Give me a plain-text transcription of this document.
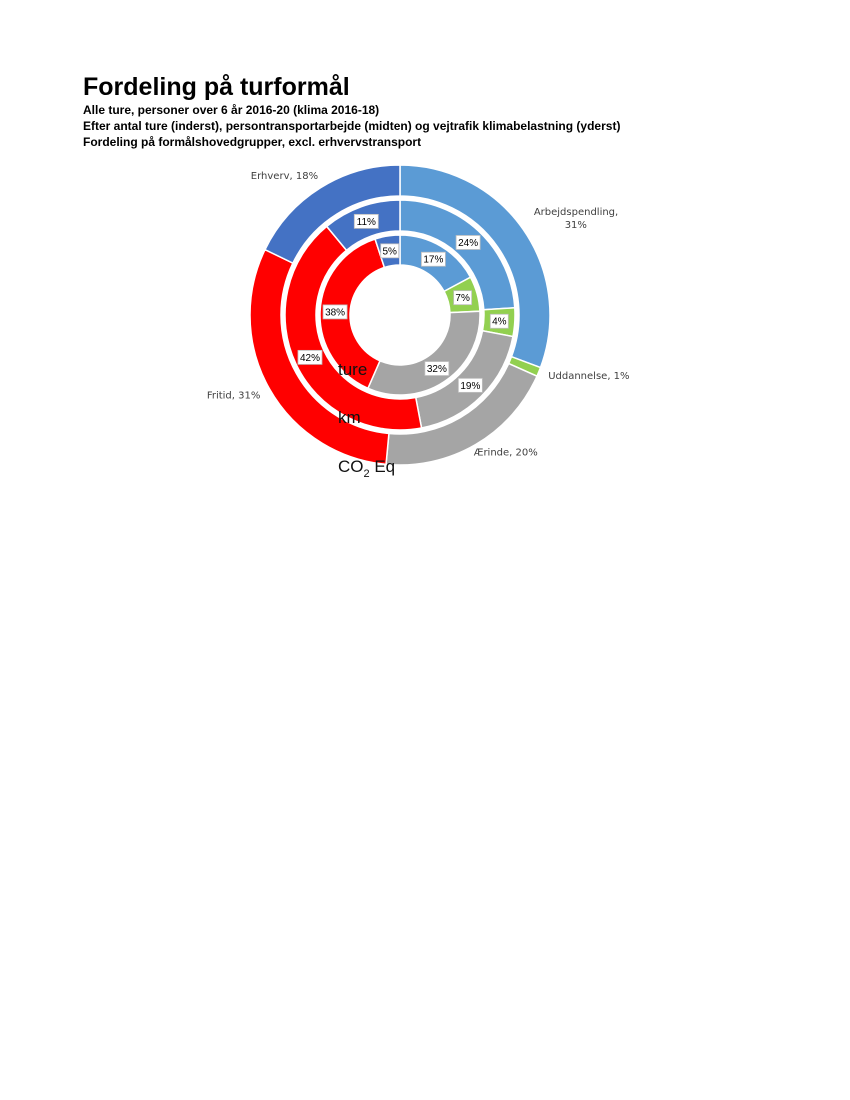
Fordeling på turformål

Alle ture, personer over 6 år 2016-20 (klima 2016-18)

Efter antal ture (inderst), persontransportarbejde (midten) og vejtrafik klimabelastning (yderst)

Fordeling på formålshovedgrupper, excl. erhvervstransport

17%
7%
32%
38%
5%
24%
4%
19%
42%
11%
Arbejdspendling,
31%
Uddannelse, 1%
Ærinde, 20%
Fritid, 31%
Erhverv, 18%
ture
km
$CO_2$ Eq
